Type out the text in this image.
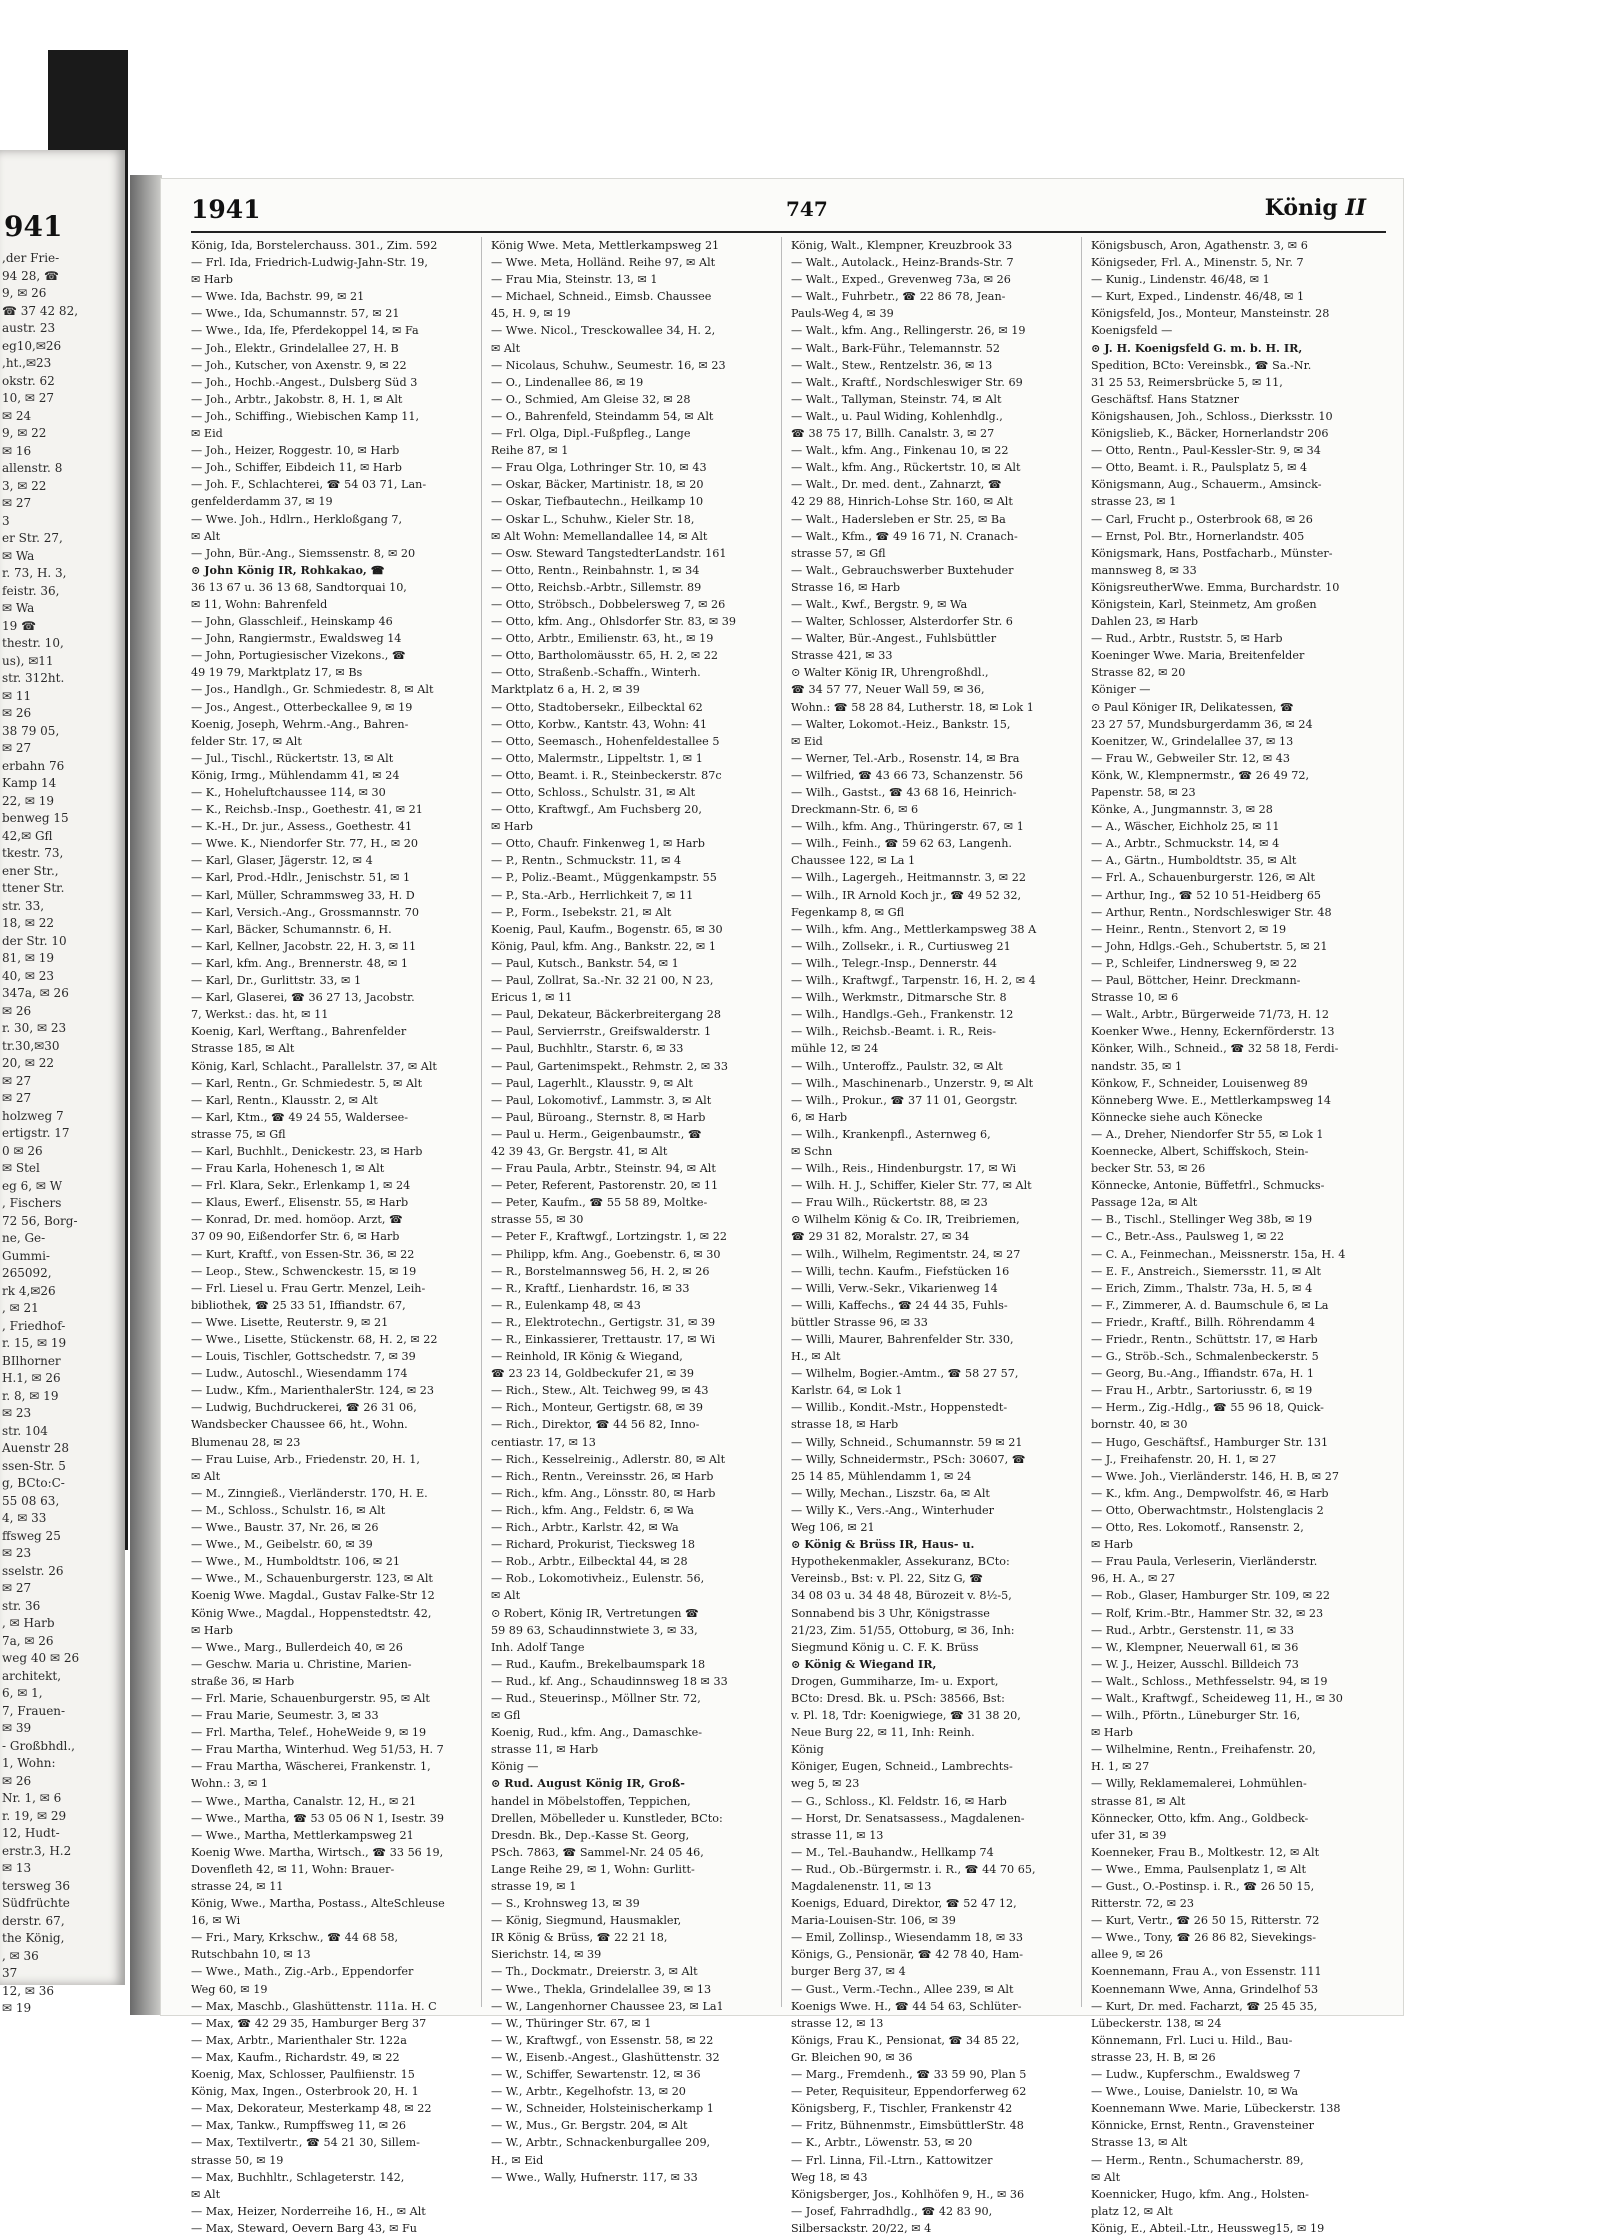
941
,der Frie-
94 28, ☎
9, ✉ 26
☎ 37 42 82,
austr. 23
eg10,✉26
,ht.,✉23
okstr. 62
10, ✉ 27
✉ 24
9, ✉ 22
✉ 16
allenstr. 8
3, ✉ 22
✉ 27
3
er Str. 27,
✉ Wa
r. 73, H. 3,
feistr. 36,
✉ Wa
19 ☎
thestr. 10,
us), ✉11
str. 312ht.
✉ 11
✉ 26
38 79 05,
✉ 27
erbahn 76
Kamp 14
22, ✉ 19
benweg 15
42,✉ Gfl
tkestr. 73,
ener Str.,
ttener Str.
str. 33,
18, ✉ 22
der Str. 10
81, ✉ 19
40, ✉ 23
347a, ✉ 26
✉ 26
r. 30, ✉ 23
tr.30,✉30
20, ✉ 22
✉ 27
✉ 27
holzweg 7
ertigstr. 17
0 ✉ 26
✉ Stel
eg 6, ✉ W
, Fischers
72 56, Borg-
ne, Ge-
Gummi-
265092,
rk 4,✉26
, ✉ 21
, Friedhof-
r. 15, ✉ 19
BIlhorner
H.1, ✉ 26
r. 8, ✉ 19
✉ 23
str. 104
Auenstr 28
ssen-Str. 5
g, BCto:C-
55 08 63,
4, ✉ 33
ffsweg 25
✉ 23
sselstr. 26
✉ 27
str. 36
, ✉ Harb
7a, ✉ 26
weg 40 ✉ 26
architekt,
6, ✉ 1,
7, Frauen-
✉ 39
- Großbhdl.,
1, Wohn:
✉ 26
Nr. 1, ✉ 6
r. 19, ✉ 29
12, Hudt-
erstr.3, H.2
✉ 13
tersweg 36
Südfrüchte
derstr. 67,
the König,
, ✉ 36
37
12, ✉ 36
✉ 19
1941	747	König II
König, Ida, Borstelerchauss. 301., Zim. 592
— Frl. Ida, Friedrich-Ludwig-Jahn-Str. 19,
✉ Harb
— Wwe. Ida, Bachstr. 99, ✉ 21
— Wwe., Ida, Schumannstr. 57, ✉ 21
— Wwe., Ida, Ife, Pferdekoppel 14, ✉ Fa
— Joh., Elektr., Grindelallee 27, H. B
— Joh., Kutscher, von Axenstr. 9, ✉ 22
— Joh., Hochb.-Angest., Dulsberg Süd 3
— Joh., Arbtr., Jakobstr. 8, H. 1, ✉ Alt
— Joh., Schiffing., Wiebischen Kamp 11,
✉ Eid
— Joh., Heizer, Roggestr. 10, ✉ Harb
— Joh., Schiffer, Eibdeich 11, ✉ Harb
— Joh. F., Schlachterei, ☎ 54 03 71, Lan-
genfelderdamm 37, ✉ 19
— Wwe. Joh., Hdlrn., Herkloßgang 7,
✉ Alt
— John, Bür.-Ang., Siemssenstr. 8, ✉ 20
⊙ John König IR, Rohkakao, ☎
36 13 67 u. 36 13 68, Sandtorquai 10,
✉ 11, Wohn: Bahrenfeld
— John, Glasschleif., Heinskamp 46
— John, Rangiermstr., Ewaldsweg 14
— John, Portugiesischer Vizekons., ☎
49 19 79, Marktplatz 17, ✉ Bs
— Jos., Handlgh., Gr. Schmiedestr. 8, ✉ Alt
— Jos., Angest., Otterbeckallee 9, ✉ 19
Koenig, Joseph, Wehrm.-Ang., Bahren-
felder Str. 17, ✉ Alt
— Jul., Tischl., Rückertstr. 13, ✉ Alt
König, Irmg., Mühlendamm 41, ✉ 24
— K., Hoheluftchaussee 114, ✉ 30
— K., Reichsb.-Insp., Goethestr. 41, ✉ 21
— K.-H., Dr. jur., Assess., Goethestr. 41
— Wwe. K., Niendorfer Str. 77, H., ✉ 20
— Karl, Glaser, Jägerstr. 12, ✉ 4
— Karl, Prod.-Hdlr., Jenischstr. 51, ✉ 1
— Karl, Müller, Schrammsweg 33, H. D
— Karl, Versich.-Ang., Grossmannstr. 70
— Karl, Bäcker, Schumannstr. 6, H.
— Karl, Kellner, Jacobstr. 22, H. 3, ✉ 11
— Karl, kfm. Ang., Brennerstr. 48, ✉ 1
— Karl, Dr., Gurlittstr. 33, ✉ 1
— Karl, Glaserei, ☎ 36 27 13, Jacobstr.
7, Werkst.: das. ht, ✉ 11
Koenig, Karl, Werftang., Bahrenfelder
Strasse 185, ✉ Alt
König, Karl, Schlacht., Parallelstr. 37, ✉ Alt
— Karl, Rentn., Gr. Schmiedestr. 5, ✉ Alt
— Karl, Rentn., Klausstr. 2, ✉ Alt
— Karl, Ktm., ☎ 49 24 55, Waldersee-
strasse 75, ✉ Gfl
— Karl, Buchhlt., Denickestr. 23, ✉ Harb
— Frau Karla, Hohenesch 1, ✉ Alt
— Frl. Klara, Sekr., Erlenkamp 1, ✉ 24
— Klaus, Ewerf., Elisenstr. 55, ✉ Harb
— Konrad, Dr. med. homöop. Arzt, ☎
37 09 90, Eißendorfer Str. 6, ✉ Harb
— Kurt, Kraftf., von Essen-Str. 36, ✉ 22
— Leop., Stew., Schwenckestr. 15, ✉ 19
— Frl. Liesel u. Frau Gertr. Menzel, Leih-
bibliothek, ☎ 25 33 51, Iffiandstr. 67,
— Wwe. Lisette, Reuterstr. 9, ✉ 21
— Wwe., Lisette, Stückenstr. 68, H. 2, ✉ 22
— Louis, Tischler, Gottschedstr. 7, ✉ 39
— Ludw., Autoschl., Wiesendamm 174
— Ludw., Kfm., MarienthalerStr. 124, ✉ 23
— Ludwig, Buchdruckerei, ☎ 26 31 06,
Wandsbecker Chaussee 66, ht., Wohn.
Blumenau 28, ✉ 23
— Frau Luise, Arb., Friedenstr. 20, H. 1,
✉ Alt
— M., Zinngieß., Vierländerstr. 170, H. E.
— M., Schloss., Schulstr. 16, ✉ Alt
— Wwe., Baustr. 37, Nr. 26, ✉ 26
— Wwe., M., Geibelstr. 60, ✉ 39
— Wwe., M., Humboldtstr. 106, ✉ 21
— Wwe., M., Schauenburgerstr. 123, ✉ Alt
Koenig Wwe. Magdal., Gustav Falke-Str 12
König Wwe., Magdal., Hoppenstedtstr. 42,
✉ Harb
— Wwe., Marg., Bullerdeich 40, ✉ 26
— Geschw. Maria u. Christine, Marien-
straße 36, ✉ Harb
— Frl. Marie, Schauenburgerstr. 95, ✉ Alt
— Frau Marie, Seumestr. 3, ✉ 33
— Frl. Martha, Telef., HoheWeide 9, ✉ 19
— Frau Martha, Winterhud. Weg 51/53, H. 7
— Frau Martha, Wäscherei, Frankenstr. 1,
Wohn.: 3, ✉ 1
— Wwe., Martha, Canalstr. 12, H., ✉ 21
— Wwe., Martha, ☎ 53 05 06 N 1, Isestr. 39
— Wwe., Martha, Mettlerkampsweg 21
Koenig Wwe. Martha, Wirtsch., ☎ 33 56 19,
Dovenfleth 42, ✉ 11, Wohn: Brauer-
strasse 24, ✉ 11
König, Wwe., Martha, Postass., AlteSchleuse
16, ✉ Wi
— Fri., Mary, Krkschw., ☎ 44 68 58,
Rutschbahn 10, ✉ 13
— Wwe., Math., Zig.-Arb., Eppendorfer
Weg 60, ✉ 19
— Max, Maschb., Glashüttenstr. 111a. H. C
— Max, ☎ 42 29 35, Hamburger Berg 37
— Max, Arbtr., Marienthaler Str. 122a
— Max, Kaufm., Richardstr. 49, ✉ 22
Koenig, Max, Schlosser, Paulfiienstr. 15
König, Max, Ingen., Osterbrook 20, H. 1
— Max, Dekorateur, Mesterkamp 48, ✉ 22
— Max, Tankw., Rumpffsweg 11, ✉ 26
— Max, Textilvertr., ☎ 54 21 30, Sillem-
strasse 50, ✉ 19
— Max, Buchhltr., Schlageterstr. 142,
✉ Alt
— Max, Heizer, Norderreihe 16, H., ✉ Alt
— Max, Steward, Oevern Barg 43, ✉ Fu
König Wwe. Meta, Mettlerkampsweg 21
— Wwe. Meta, Holländ. Reihe 97, ✉ Alt
— Frau Mia, Steinstr. 13, ✉ 1
— Michael, Schneid., Eimsb. Chaussee
45, H. 9, ✉ 19
— Wwe. Nicol., Tresckowallee 34, H. 2,
✉ Alt
— Nicolaus, Schuhw., Seumestr. 16, ✉ 23
— O., Lindenallee 86, ✉ 19
— O., Schmied, Am Gleise 32, ✉ 28
— O., Bahrenfeld, Steindamm 54, ✉ Alt
— Frl. Olga, Dipl.-Fußpfleg., Lange
Reihe 87, ✉ 1
— Frau Olga, Lothringer Str. 10, ✉ 43
— Oskar, Bäcker, Martinistr. 18, ✉ 20
— Oskar, Tiefbautechn., Heilkamp 10
— Oskar L., Schuhw., Kieler Str. 18,
✉ Alt Wohn: Memellandallee 14, ✉ Alt
— Osw. Steward TangstedterLandstr. 161
— Otto, Rentn., Reinbahnstr. 1, ✉ 34
— Otto, Reichsb.-Arbtr., Sillemstr. 89
— Otto, Ströbsch., Dobbelersweg 7, ✉ 26
— Otto, kfm. Ang., Ohlsdorfer Str. 83, ✉ 39
— Otto, Arbtr., Emilienstr. 63, ht., ✉ 19
— Otto, Bartholomäusstr. 65, H. 2, ✉ 22
— Otto, Straßenb.-Schaffn., Winterh.
Marktplatz 6 a, H. 2, ✉ 39
— Otto, Stadtobersekr., Eilbecktal 62
— Otto, Korbw., Kantstr. 43, Wohn: 41
— Otto, Seemasch., Hohenfeldestallee 5
— Otto, Malermstr., Lippeltstr. 1, ✉ 1
— Otto, Beamt. i. R., Steinbeckerstr. 87c
— Otto, Schloss., Schulstr. 31, ✉ Alt
— Otto, Kraftwgf., Am Fuchsberg 20,
✉ Harb
— Otto, Chaufr. Finkenweg 1, ✉ Harb
— P., Rentn., Schmuckstr. 11, ✉ 4
— P., Poliz.-Beamt., Müggenkampstr. 55
— P., Sta.-Arb., Herrlichkeit 7, ✉ 11
— P., Form., Isebekstr. 21, ✉ Alt
Koenig, Paul, Kaufm., Bogenstr. 65, ✉ 30
König, Paul, kfm. Ang., Bankstr. 22, ✉ 1
— Paul, Kutsch., Bankstr. 54, ✉ 1
— Paul, Zollrat, Sa.-Nr. 32 21 00, N 23,
Ericus 1, ✉ 11
— Paul, Dekateur, Bäckerbreitergang 28
— Paul, Servierrstr., Greifswalderstr. 1
— Paul, Buchhltr., Starstr. 6, ✉ 33
— Paul, Gartenimspekt., Rehmstr. 2, ✉ 33
— Paul, Lagerhlt., Klausstr. 9, ✉ Alt
— Paul, Lokomotivf., Lammstr. 3, ✉ Alt
— Paul, Büroang., Sternstr. 8, ✉ Harb
— Paul u. Herm., Geigenbaumstr., ☎
42 39 43, Gr. Bergstr. 41, ✉ Alt
— Frau Paula, Arbtr., Steinstr. 94, ✉ Alt
— Peter, Referent, Pastorenstr. 20, ✉ 11
— Peter, Kaufm., ☎ 55 58 89, Moltke-
strasse 55, ✉ 30
— Peter F., Kraftwgf., Lortzingstr. 1, ✉ 22
— Philipp, kfm. Ang., Goebenstr. 6, ✉ 30
— R., Borstelmannsweg 56, H. 2, ✉ 26
— R., Kraftf., Lienhardstr. 16, ✉ 33
— R., Eulenkamp 48, ✉ 43
— R., Elektrotechn., Gertigstr. 31, ✉ 39
— R., Einkassierer, Trettaustr. 17, ✉ Wi
— Reinhold, IR König & Wiegand,
☎ 23 23 14, Goldbeckufer 21, ✉ 39
— Rich., Stew., Alt. Teichweg 99, ✉ 43
— Rich., Monteur, Gertigstr. 68, ✉ 39
— Rich., Direktor, ☎ 44 56 82, Inno-
centiastr. 17, ✉ 13
— Rich., Kesselreinig., Adlerstr. 80, ✉ Alt
— Rich., Rentn., Vereinsstr. 26, ✉ Harb
— Rich., kfm. Ang., Lönsstr. 80, ✉ Harb
— Rich., kfm. Ang., Feldstr. 6, ✉ Wa
— Rich., Arbtr., Karlstr. 42, ✉ Wa
— Richard, Prokurist, Tiecksweg 18
— Rob., Arbtr., Eilbecktal 44, ✉ 28
— Rob., Lokomotivheiz., Eulenstr. 56,
✉ Alt
⊙ Robert, König IR, Vertretungen ☎
59 89 63, Schaudinnstwiete 3, ✉ 33,
Inh. Adolf Tange
— Rud., Kaufm., Brekelbaumspark 18
— Rud., kf. Ang., Schaudinnsweg 18 ✉ 33
— Rud., Steuerinsp., Möllner Str. 72,
✉ Gfl
Koenig, Rud., kfm. Ang., Damaschke-
strasse 11, ✉ Harb
König —
⊙ Rud. August König IR, Groß-
handel in Möbelstoffen, Teppichen,
Drellen, Möbelleder u. Kunstleder, BCto:
Dresdn. Bk., Dep.-Kasse St. Georg,
PSch. 7863, ☎ Sammel-Nr. 24 05 46,
Lange Reihe 29, ✉ 1, Wohn: Gurlitt-
strasse 19, ✉ 1
— S., Krohnsweg 13, ✉ 39
— König, Siegmund, Hausmakler,
IR König & Brüss, ☎ 22 21 18,
Sierichstr. 14, ✉ 39
— Th., Dockmatr., Dreierstr. 3, ✉ Alt
— Wwe., Thekla, Grindelallee 39, ✉ 13
— W., Langenhorner Chaussee 23, ✉ La1
— W., Thüringer Str. 67, ✉ 1
— W., Kraftwgf., von Essenstr. 58, ✉ 22
— W., Eisenb.-Angest., Glashüttenstr. 32
— W., Schiffer, Sewartenstr. 12, ✉ 36
— W., Arbtr., Kegelhofstr. 13, ✉ 20
— W., Schneider, Holsteinischerkamp 1
— W., Mus., Gr. Bergstr. 204, ✉ Alt
— W., Arbtr., Schnackenburgallee 209,
H., ✉ Eid
— Wwe., Wally, Hufnerstr. 117, ✉ 33
König, Walt., Klempner, Kreuzbrook 33
— Walt., Autolack., Heinz-Brands-Str. 7
— Walt., Exped., Grevenweg 73a, ✉ 26
— Walt., Fuhrbetr., ☎ 22 86 78, Jean-
Pauls-Weg 4, ✉ 39
— Walt., kfm. Ang., Rellingerstr. 26, ✉ 19
— Walt., Bark-Führ., Telemannstr. 52
— Walt., Stew., Rentzelstr. 36, ✉ 13
— Walt., Kraftf., Nordschleswiger Str. 69
— Walt., Tallyman, Steinstr. 74, ✉ Alt
— Walt., u. Paul Widing, Kohlenhdlg.,
☎ 38 75 17, Billh. Canalstr. 3, ✉ 27
— Walt., kfm. Ang., Finkenau 10, ✉ 22
— Walt., kfm. Ang., Rückertstr. 10, ✉ Alt
— Walt., Dr. med. dent., Zahnarzt, ☎
42 29 88, Hinrich-Lohse Str. 160, ✉ Alt
— Walt., Hadersleben er Str. 25, ✉ Ba
— Walt., Kfm., ☎ 49 16 71, N. Cranach-
strasse 57, ✉ Gfl
— Walt., Gebrauchswerber Buxtehuder
Strasse 16, ✉ Harb
— Walt., Kwf., Bergstr. 9, ✉ Wa
— Walter, Schlosser, Alsterdorfer Str. 6
— Walter, Bür.-Angest., Fuhlsbüttler
Strasse 421, ✉ 33
⊙ Walter König IR, Uhrengroßhdl.,
☎ 34 57 77, Neuer Wall 59, ✉ 36,
Wohn.: ☎ 58 28 84, Lutherstr. 18, ✉ Lok 1
— Walter, Lokomot.-Heiz., Bankstr. 15,
✉ Eid
— Werner, Tel.-Arb., Rosenstr. 14, ✉ Bra
— Wilfried, ☎ 43 66 73, Schanzenstr. 56
— Wilh., Gastst., ☎ 43 68 16, Heinrich-
Dreckmann-Str. 6, ✉ 6
— Wilh., kfm. Ang., Thüringerstr. 67, ✉ 1
— Wilh., Feinh., ☎ 59 62 63, Langenh.
Chaussee 122, ✉ La 1
— Wilh., Lagergeh., Heitmannstr. 3, ✉ 22
— Wilh., IR Arnold Koch jr., ☎ 49 52 32,
Fegenkamp 8, ✉ Gfl
— Wilh., kfm. Ang., Mettlerkampsweg 38 A
— Wilh., Zollsekr., i. R., Curtiusweg 21
— Wilh., Telegr.-Insp., Dennerstr. 44
— Wilh., Kraftwgf., Tarpenstr. 16, H. 2, ✉ 4
— Wilh., Werkmstr., Ditmarsche Str. 8
— Wilh., Handlgs.-Geh., Frankenstr. 12
— Wilh., Reichsb.-Beamt. i. R., Reis-
mühle 12, ✉ 24
— Wilh., Unteroffz., Paulstr. 32, ✉ Alt
— Wilh., Maschinenarb., Unzerstr. 9, ✉ Alt
— Wilh., Prokur., ☎ 37 11 01, Georgstr.
6, ✉ Harb
— Wilh., Krankenpfl., Asternweg 6,
✉ Schn
— Wilh., Reis., Hindenburgstr. 17, ✉ Wi
— Wilh. H. J., Schiffer, Kieler Str. 77, ✉ Alt
— Frau Wilh., Rückertstr. 88, ✉ 23
⊙ Wilhelm König & Co. IR, Treibriemen,
☎ 29 31 82, Moralstr. 27, ✉ 34
— Wilh., Wilhelm, Regimentstr. 24, ✉ 27
— Willi, techn. Kaufm., Fiefstücken 16
— Willi, Verw.-Sekr., Vikarienweg 14
— Willi, Kaffechs., ☎ 24 44 35, Fuhls-
büttler Strasse 96, ✉ 33
— Willi, Maurer, Bahrenfelder Str. 330,
H., ✉ Alt
— Wilhelm, Bogier.-Amtm., ☎ 58 27 57,
Karlstr. 64, ✉ Lok 1
— Willib., Kondit.-Mstr., Hoppenstedt-
strasse 18, ✉ Harb
— Willy, Schneid., Schumannstr. 59 ✉ 21
— Willy, Schneidermstr., PSch: 30607, ☎
25 14 85, Mühlendamm 1, ✉ 24
— Willy, Mechan., Liszstr. 6a, ✉ Alt
— Willy K., Vers.-Ang., Winterhuder
Weg 106, ✉ 21
⊙ König & Brüss IR, Haus- u.
Hypothekenmakler, Assekuranz, BCto:
Vereinsb., Bst: v. Pl. 22, Sitz G, ☎
34 08 03 u. 34 48 48, Bürozeit v. 8½-5,
Sonnabend bis 3 Uhr, Königstrasse
21/23, Zim. 51/55, Ottoburg, ✉ 36, Inh:
Siegmund König u. C. F. K. Brüss
⊙ König & Wiegand IR,
Drogen, Gummiharze, Im- u. Export,
BCto: Dresd. Bk. u. PSch: 38566, Bst:
v. Pl. 18, Tdr: Koenigwiege, ☎ 31 38 20,
Neue Burg 22, ✉ 11, Inh: Reinh.
König
Königer, Eugen, Schneid., Lambrechts-
weg 5, ✉ 23
— G., Schloss., Kl. Feldstr. 16, ✉ Harb
— Horst, Dr. Senatsassess., Magdalenen-
strasse 11, ✉ 13
— M., Tel.-Bauhandw., Hellkamp 74
— Rud., Ob.-Bürgermstr. i. R., ☎ 44 70 65,
Magdalenenstr. 11, ✉ 13
Koenigs, Eduard, Direktor, ☎ 52 47 12,
Maria-Louisen-Str. 106, ✉ 39
— Emil, Zollinsp., Wiesendamm 18, ✉ 33
Königs, G., Pensionär, ☎ 42 78 40, Ham-
burger Berg 37, ✉ 4
— Gust., Verm.-Techn., Allee 239, ✉ Alt
Koenigs Wwe. H., ☎ 44 54 63, Schlüter-
strasse 12, ✉ 13
Königs, Frau K., Pensionat, ☎ 34 85 22,
Gr. Bleichen 90, ✉ 36
— Marg., Fremdenh., ☎ 33 59 90, Plan 5
— Peter, Requisiteur, Eppendorferweg 62
Königsberg, F., Tischler, Frankenstr 42
— Fritz, Bühnenmstr., EimsbüttlerStr. 48
— K., Arbtr., Löwenstr. 53, ✉ 20
— Frl. Linna, Fil.-Ltrn., Kattowitzer
Weg 18, ✉ 43
Königsberger, Jos., Kohlhöfen 9, H., ✉ 36
— Josef, Fahrradhdlg., ☎ 42 83 90,
Silbersackstr. 20/22, ✉ 4
Königsbusch, Aron, Agathenstr. 3, ✉ 6
Königseder, Frl. A., Minenstr. 5, Nr. 7
— Kunig., Lindenstr. 46/48, ✉ 1
— Kurt, Exped., Lindenstr. 46/48, ✉ 1
Königsfeld, Jos., Monteur, Mansteinstr. 28
Koenigsfeld —
⊙ J. H. Koenigsfeld G. m. b. H. IR,
Spedition, BCto: Vereinsbk., ☎ Sa.-Nr.
31 25 53, Reimersbrücke 5, ✉ 11,
Geschäftsf. Hans Statzner
Königshausen, Joh., Schloss., Dierksstr. 10
Königslieb, K., Bäcker, Hornerlandstr 206
— Otto, Rentn., Paul-Kessler-Str. 9, ✉ 34
— Otto, Beamt. i. R., Paulsplatz 5, ✉ 4
Königsmann, Aug., Schauerm., Amsinck-
strasse 23, ✉ 1
— Carl, Frucht p., Osterbrook 68, ✉ 26
— Ernst, Pol. Btr., Hornerlandstr. 405
Königsmark, Hans, Postfacharb., Münster-
mannsweg 8, ✉ 33
KönigsreutherWwe. Emma, Burchardstr. 10
Königstein, Karl, Steinmetz, Am großen
Dahlen 23, ✉ Harb
— Rud., Arbtr., Ruststr. 5, ✉ Harb
Koeninger Wwe. Maria, Breitenfelder
Strasse 82, ✉ 20
Königer —
⊙ Paul Königer IR, Delikatessen, ☎
23 27 57, Mundsburgerdamm 36, ✉ 24
Koenitzer, W., Grindelallee 37, ✉ 13
— Frau W., Gebweiler Str. 12, ✉ 43
Könk, W., Klempnermstr., ☎ 26 49 72,
Papenstr. 58, ✉ 23
Könke, A., Jungmannstr. 3, ✉ 28
— A., Wäscher, Eichholz 25, ✉ 11
— A., Arbtr., Schmuckstr. 14, ✉ 4
— A., Gärtn., Humboldtstr. 35, ✉ Alt
— Frl. A., Schauenburgerstr. 126, ✉ Alt
— Arthur, Ing., ☎ 52 10 51-Heidberg 65
— Arthur, Rentn., Nordschleswiger Str. 48
— Heinr., Rentn., Stenvort 2, ✉ 19
— John, Hdlgs.-Geh., Schubertstr. 5, ✉ 21
— P., Schleifer, Lindnersweg 9, ✉ 22
— Paul, Böttcher, Heinr. Dreckmann-
Strasse 10, ✉ 6
— Walt., Arbtr., Bürgerweide 71/73, H. 12
Koenker Wwe., Henny, Eckernförderstr. 13
Könker, Wilh., Schneid., ☎ 32 58 18, Ferdi-
nandstr. 35, ✉ 1
Könkow, F., Schneider, Louisenweg 89
Könneberg Wwe. E., Mettlerkampsweg 14
Könnecke siehe auch Könecke
— A., Dreher, Niendorfer Str 55, ✉ Lok 1
Koennecke, Albert, Schiffskoch, Stein-
becker Str. 53, ✉ 26
Könnecke, Antonie, Büffetfrl., Schmucks-
Passage 12a, ✉ Alt
— B., Tischl., Stellinger Weg 38b, ✉ 19
— C., Betr.-Ass., Paulsweg 1, ✉ 22
— C. A., Feinmechan., Meissnerstr. 15a, H. 4
— E. F., Anstreich., Siemersstr. 11, ✉ Alt
— Erich, Zimm., Thalstr. 73a, H. 5, ✉ 4
— F., Zimmerer, A. d. Baumschule 6, ✉ La
— Friedr., Kraftf., Billh. Röhrendamm 4
— Friedr., Rentn., Schüttstr. 17, ✉ Harb
— G., Ströb.-Sch., Schmalenbeckerstr. 5
— Georg, Bu.-Ang., Iffiandstr. 67a, H. 1
— Frau H., Arbtr., Sartoriusstr. 6, ✉ 19
— Herm., Zig.-Hdlg., ☎ 55 96 18, Quick-
bornstr. 40, ✉ 30
— Hugo, Geschäftsf., Hamburger Str. 131
— J., Freihafenstr. 20, H. 1, ✉ 27
— Wwe. Joh., Vierländerstr. 146, H. B, ✉ 27
— K., kfm. Ang., Dempwolfstr. 46, ✉ Harb
— Otto, Oberwachtmstr., Holstenglacis 2
— Otto, Res. Lokomotf., Ransenstr. 2,
✉ Harb
— Frau Paula, Verleserin, Vierländerstr.
96, H. A., ✉ 27
— Rob., Glaser, Hamburger Str. 109, ✉ 22
— Rolf, Krim.-Btr., Hammer Str. 32, ✉ 23
— Rud., Arbtr., Gerstenstr. 11, ✉ 33
— W., Klempner, Neuerwall 61, ✉ 36
— W. J., Heizer, Ausschl. Billdeich 73
— Walt., Schloss., Methfesselstr. 94, ✉ 19
— Walt., Kraftwgf., Scheideweg 11, H., ✉ 30
— Wilh., Pförtn., Lüneburger Str. 16,
✉ Harb
— Wilhelmine, Rentn., Freihafenstr. 20,
H. 1, ✉ 27
— Willy, Reklamemalerei, Lohmühlen-
strasse 81, ✉ Alt
Könnecker, Otto, kfm. Ang., Goldbeck-
ufer 31, ✉ 39
Koenneker, Frau B., Moltkestr. 12, ✉ Alt
— Wwe., Emma, Paulsenplatz 1, ✉ Alt
— Gust., O.-Postinsp. i. R., ☎ 26 50 15,
Ritterstr. 72, ✉ 23
— Kurt, Vertr., ☎ 26 50 15, Ritterstr. 72
— Wwe., Tony, ☎ 26 86 82, Sievekings-
allee 9, ✉ 26
Koennemann, Frau A., von Essenstr. 111
Koennemann Wwe, Anna, Grindelhof 53
— Kurt, Dr. med. Facharzt, ☎ 25 45 35,
Lübeckerstr. 138, ✉ 24
Könnemann, Frl. Luci u. Hild., Bau-
strasse 23, H. B, ✉ 26
— Ludw., Kupferschm., Ewaldsweg 7
— Wwe., Louise, Danielstr. 10, ✉ Wa
Koennemann Wwe. Marie, Lübeckerstr. 138
Könnicke, Ernst, Rentn., Gravensteiner
Strasse 13, ✉ Alt
— Herm., Rentn., Schumacherstr. 89,
✉ Alt
Koennicker, Hugo, kfm. Ang., Holsten-
platz 12, ✉ Alt
König, E., Abteil.-Ltr., Heussweg15, ✉ 19
